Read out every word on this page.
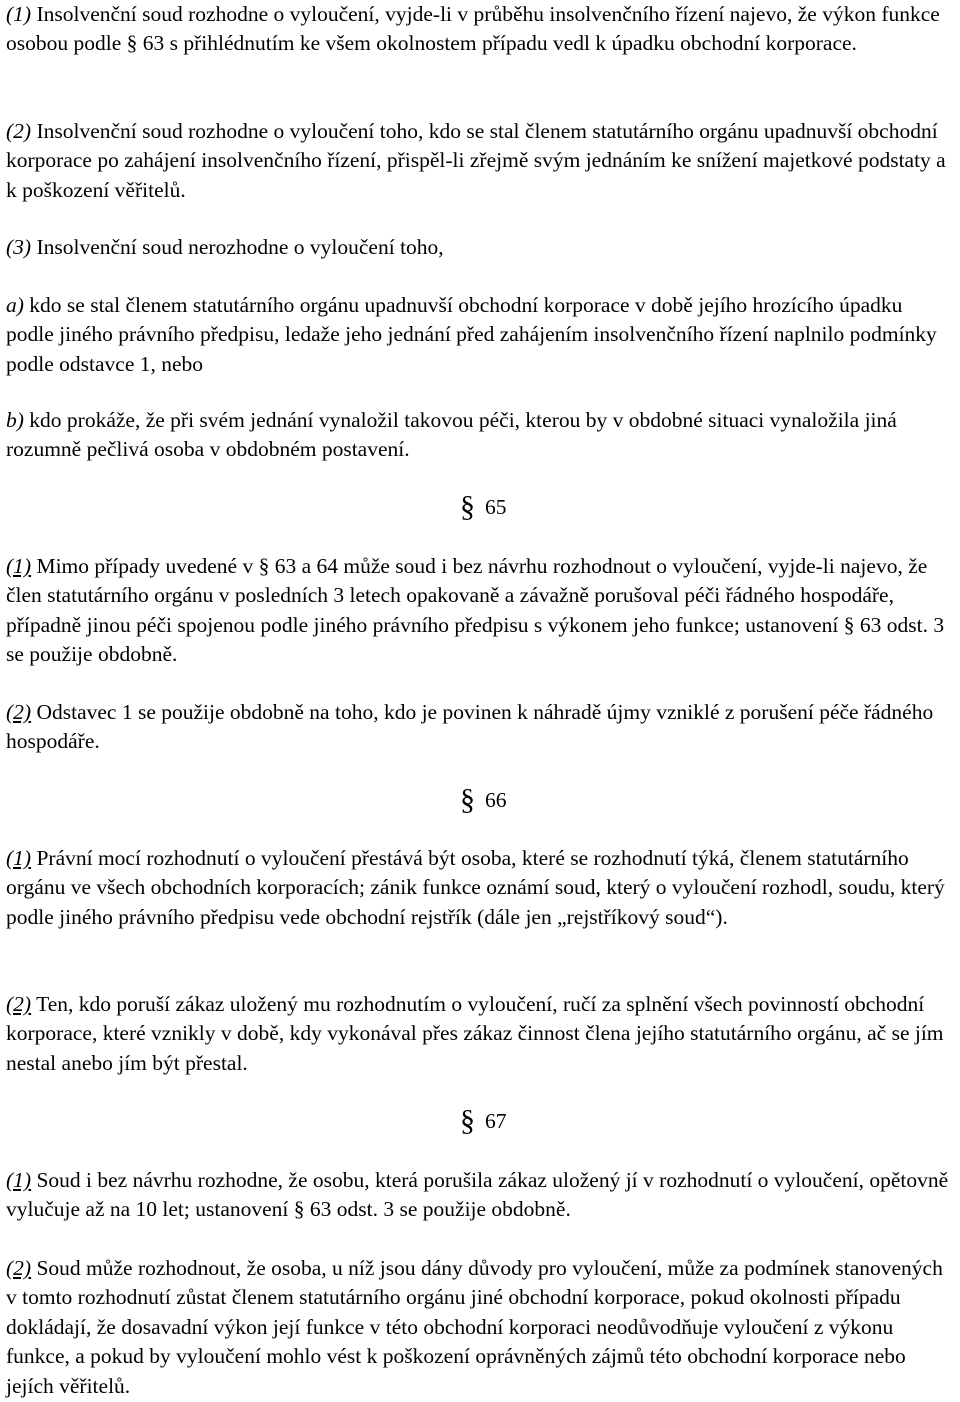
(1) Insolvenční soud rozhodne o vyloučení, vyjde-li v průběhu insolvenčního řízení najevo, že výkon funkce osobou podle § 63 s přihlédnutím ke všem okolnostem případu vedl k úpadku obchodní korporace.

(2) Insolvenční soud rozhodne o vyloučení toho, kdo se stal členem statutárního orgánu upadnuvší obchodní korporace po zahájení insolvenčního řízení, přispěl-li zřejmě svým jednáním ke snížení majetkové podstaty a k poškození věřitelů.

(3) Insolvenční soud nerozhodne o vyloučení toho,

a) kdo se stal členem statutárního orgánu upadnuvší obchodní korporace v době jejího hrozícího úpadku podle jiného právního předpisu, ledaže jeho jednání před zahájením insolvenčního řízení naplnilo podmínky podle odstavce 1, nebo

b) kdo prokáže, že při svém jednání vynaložil takovou péči, kterou by v obdobné situaci vynaložila jiná rozumně pečlivá osoba v obdobném postavení.

§ 65

(1) Mimo případy uvedené v § 63 a 64 může soud i bez návrhu rozhodnout o vyloučení, vyjde-li najevo, že člen statutárního orgánu v posledních 3 letech opakovaně a závažně porušoval péči řádného hospodáře, případně jinou péči spojenou podle jiného právního předpisu s výkonem jeho funkce; ustanovení § 63 odst. 3 se použije obdobně.

(2) Odstavec 1 se použije obdobně na toho, kdo je povinen k náhradě újmy vzniklé z porušení péče řádného hospodáře.

§ 66

(1) Právní mocí rozhodnutí o vyloučení přestává být osoba, které se rozhodnutí týká, členem statutárního orgánu ve všech obchodních korporacích; zánik funkce oznámí soud, který o vyloučení rozhodl, soudu, který podle jiného právního předpisu vede obchodní rejstřík (dále jen „rejstříkový soud“).

(2) Ten, kdo poruší zákaz uložený mu rozhodnutím o vyloučení, ručí za splnění všech povinností obchodní korporace, které vznikly v době, kdy vykonával přes zákaz činnost člena jejího statutárního orgánu, ač se jím nestal anebo jím být přestal.

§ 67

(1) Soud i bez návrhu rozhodne, že osobu, která porušila zákaz uložený jí v rozhodnutí o vyloučení, opětovně vylučuje až na 10 let; ustanovení § 63 odst. 3 se použije obdobně.

(2) Soud může rozhodnout, že osoba, u níž jsou dány důvody pro vyloučení, může za podmínek stanovených v tomto rozhodnutí zůstat členem statutárního orgánu jiné obchodní korporace, pokud okolnosti případu dokládají, že dosavadní výkon její funkce v této obchodní korporaci neodůvodňuje vyloučení z výkonu funkce, a pokud by vyloučení mohlo vést k poškození oprávněných zájmů této obchodní korporace nebo jejích věřitelů.
